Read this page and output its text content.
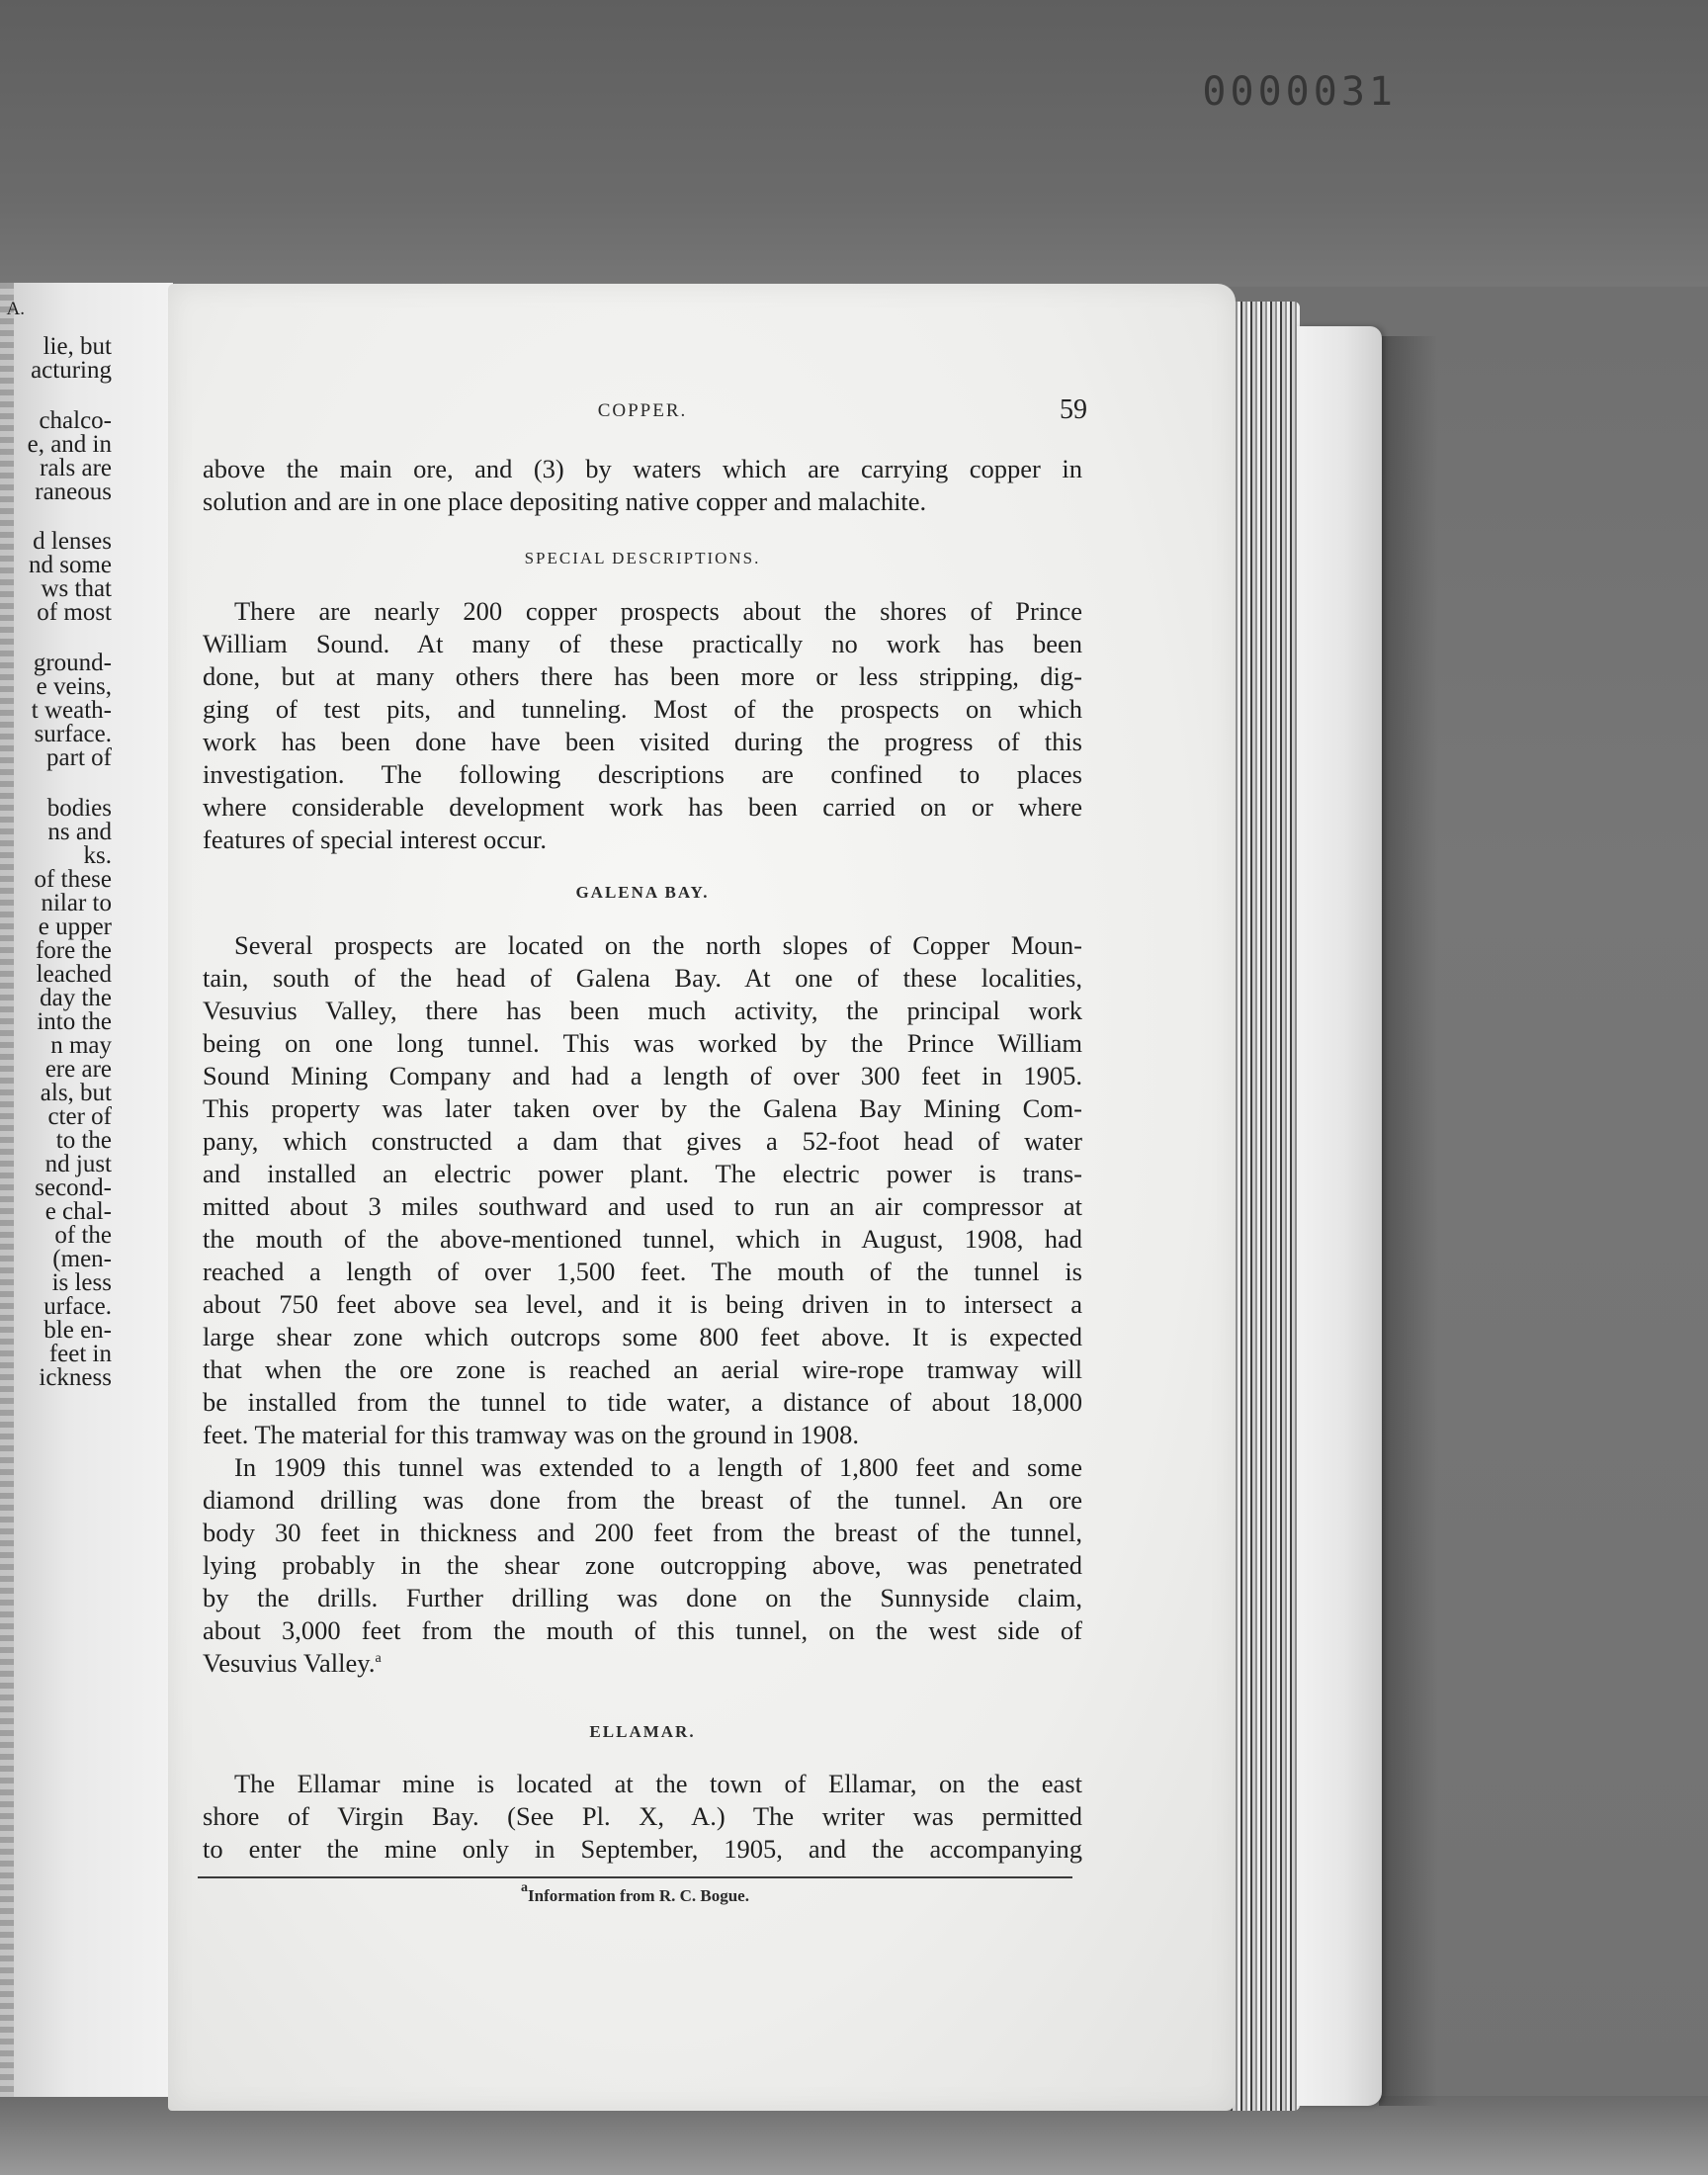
0000031
A.
lie, but
acturing
chalco-
e, and in
rals are
raneous
d lenses
nd some
ws that
of most
ground-
e veins,
t weath-
surface.
part of
bodies
ns and
ks.
of these
nilar to
e upper
fore the
leached
day the
into the
n may
ere are
als, but
cter of
to the
nd just
second-
e chal-
of the
(men-
is less
urface.
ble en-
feet in
ickness
COPPER.	59
above the main ore, and (3) by waters which are carrying copper in
solution and are in one place depositing native copper and malachite.
SPECIAL DESCRIPTIONS.
There are nearly 200 copper prospects about the shores of Prince
William Sound. At many of these practically no work has been
done, but at many others there has been more or less stripping, dig-
ging of test pits, and tunneling. Most of the prospects on which
work has been done have been visited during the progress of this
investigation. The following descriptions are confined to places
where considerable development work has been carried on or where
features of special interest occur.
GALENA BAY.
Several prospects are located on the north slopes of Copper Moun-
tain, south of the head of Galena Bay. At one of these localities,
Vesuvius Valley, there has been much activity, the principal work
being on one long tunnel. This was worked by the Prince William
Sound Mining Company and had a length of over 300 feet in 1905.
This property was later taken over by the Galena Bay Mining Com-
pany, which constructed a dam that gives a 52-foot head of water
and installed an electric power plant. The electric power is trans-
mitted about 3 miles southward and used to run an air compressor at
the mouth of the above-mentioned tunnel, which in August, 1908, had
reached a length of over 1,500 feet. The mouth of the tunnel is
about 750 feet above sea level, and it is being driven in to intersect a
large shear zone which outcrops some 800 feet above. It is expected
that when the ore zone is reached an aerial wire-rope tramway will
be installed from the tunnel to tide water, a distance of about 18,000
feet. The material for this tramway was on the ground in 1908.
In 1909 this tunnel was extended to a length of 1,800 feet and some
diamond drilling was done from the breast of the tunnel. An ore
body 30 feet in thickness and 200 feet from the breast of the tunnel,
lying probably in the shear zone outcropping above, was penetrated
by the drills. Further drilling was done on the Sunnyside claim,
about 3,000 feet from the mouth of this tunnel, on the west side of
Vesuvius Valley.$^a$
ELLAMAR.
The Ellamar mine is located at the town of Ellamar, on the east
shore of Virgin Bay. (See Pl. X, A.) The writer was permitted
to enter the mine only in September, 1905, and the accompanying
$^a$Information from R. C. Bogue.
